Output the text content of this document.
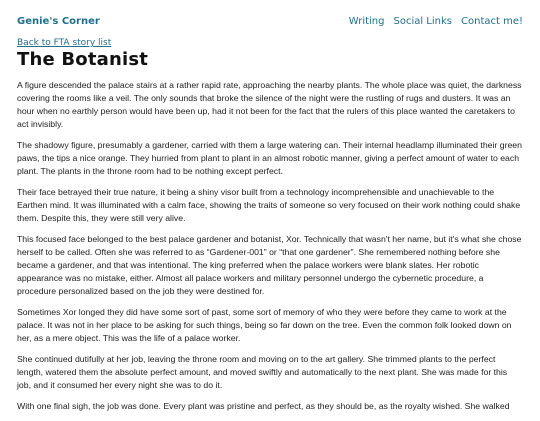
Genie's Corner	Writing Social Links Contact me!
Back to FTA story list
The Botanist

A figure descended the palace stairs at a rather rapid rate, approaching the nearby plants. The whole place was quiet, the darkness covering the rooms like a veil. The only sounds that broke the silence of the night were the rustling of rugs and dusters. It was an hour when no earthly person would have been up, had it not been for the fact that the rulers of this place wanted the caretakers to act invisibly.

The shadowy figure, presumably a gardener, carried with them a large watering can. Their internal headlamp illuminated their green paws, the tips a nice orange. They hurried from plant to plant in an almost robotic manner, giving a perfect amount of water to each plant. The plants in the throne room had to be nothing except perfect.

Their face betrayed their true nature, it being a shiny visor built from a technology incomprehensible and unachievable to the Earthen mind. It was illuminated with a calm face, showing the traits of someone so very focused on their work nothing could shake them. Despite this, they were still very alive.

This focused face belonged to the best palace gardener and botanist, Xor. Technically that wasn't her name, but it's what she chose herself to be called. Often she was referred to as “Gardener-001” or “that one gardener”. She remembered nothing before she became a gardener, and that was intentional. The king preferred when the palace workers were blank slates. Her robotic appearance was no mistake, either. Almost all palace workers and military personnel undergo the cybernetic procedure, a procedure personalized based on the job they were destined for.

Sometimes Xor longed they did have some sort of past, some sort of memory of who they were before they came to work at the palace. It was not in her place to be asking for such things, being so far down on the tree. Even the common folk looked down on her, as a mere object. This was the life of a palace worker.

She continued dutifully at her job, leaving the throne room and moving on to the art gallery. She trimmed plants to the perfect length, watered them the absolute perfect amount, and moved swiftly and automatically to the next plant. She was made for this job, and it consumed her every night she was to do it.

With one final sigh, the job was done. Every plant was pristine and perfect, as they should be, as the royalty wished. She walked
